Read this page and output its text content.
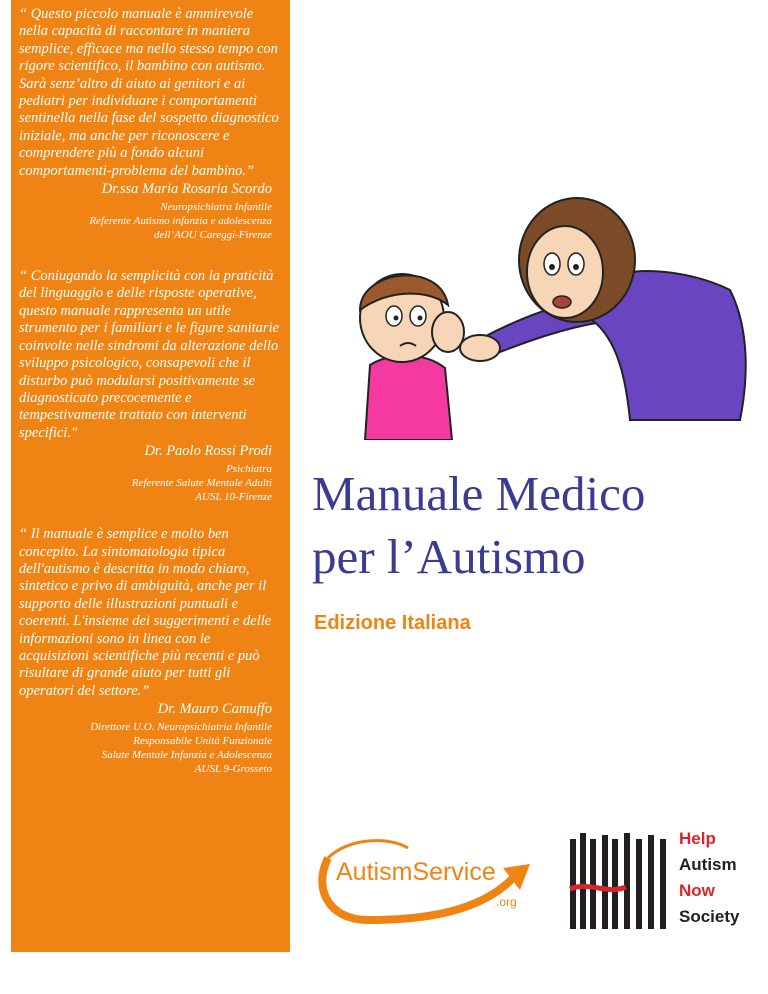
“ Questo piccolo manuale è ammirevole nella capacità di raccontare in maniera semplice, efficace ma nello stesso tempo con rigore scientifico, il bambino con autismo. Sarà senz’altro di aiuto ai genitori e ai pediatri per individuare i comportamenti sentinella nella fase del sospetto diagnostico iniziale, ma anche per riconoscere e comprendere più a fondo alcuni comportamenti-problema del bambino.”

Dr.ssa Maria Rosaria Scordo

Neuropsichiatra Infantile

Referente Autismo infanzia e adolescenza

dell’AOU Careggi-Firenze

“ Coniugando la semplicità con la praticità del linguaggio e delle risposte operative, questo manuale rappresenta un utile strumento per i familiari e le figure sanitarie coinvolte nelle sindromi da alterazione dello sviluppo psicologico, consapevoli che il disturbo può modularsi positivamente se diagnosticato precocemente e tempestivamente trattato con interventi specifici."

Dr. Paolo Rossi Prodi

Psichiatra

Referente Salute Mentale Adulti

AUSL 10-Firenze

“ Il manuale è semplice e molto ben concepito. La sintomatologia tipica dell'autismo è descritta in modo chiaro, sintetico e privo di ambiguità, anche per il supporto delle illustrazioni puntuali e coerenti. L'insieme dei suggerimenti e delle informazioni sono in linea con le acquisizioni scientifiche più recenti e può risultare di grande aiuto per tutti gli operatori del settore.”

Dr. Mauro Camuffo

Direttore U.O. Neuropsichiatria Infantile

Responsabile Unità Funzionale

Salute Mentale Infanzia e Adolescenza

AUSL 9-Grosseto

Manuale Medico
per l’Autismo

Edizione Italiana

AutismService

.org

Help
Autism
Now
Society
